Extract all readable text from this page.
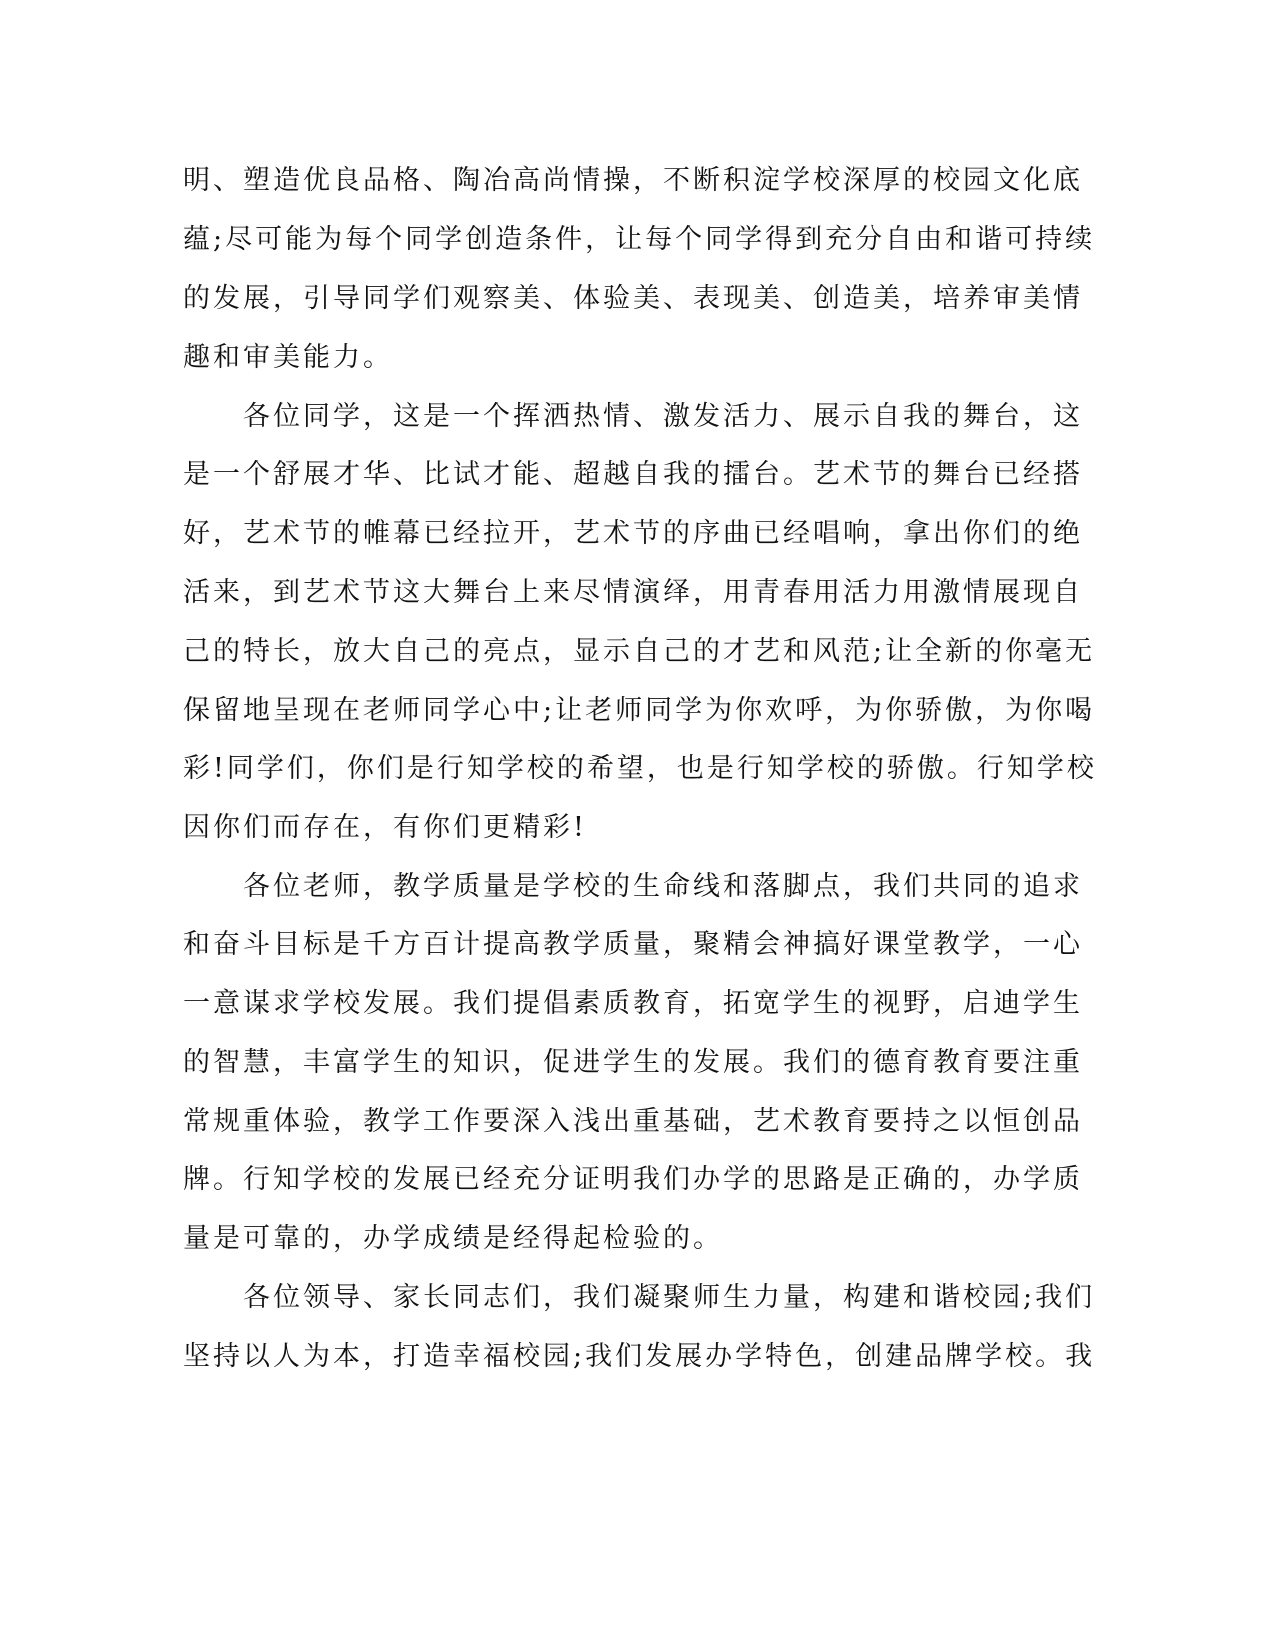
明、塑造优良品格、陶冶高尚情操，不断积淀学校深厚的校园文化底
蕴;尽可能为每个同学创造条件，让每个同学得到充分自由和谐可持续
的发展，引导同学们观察美、体验美、表现美、创造美，培养审美情
趣和审美能力。
　　各位同学，这是一个挥洒热情、激发活力、展示自我的舞台，这
是一个舒展才华、比试才能、超越自我的擂台。艺术节的舞台已经搭
好，艺术节的帷幕已经拉开，艺术节的序曲已经唱响，拿出你们的绝
活来，到艺术节这大舞台上来尽情演绎，用青春用活力用激情展现自
己的特长，放大自己的亮点，显示自己的才艺和风范;让全新的你毫无
保留地呈现在老师同学心中;让老师同学为你欢呼，为你骄傲，为你喝
彩!同学们，你们是行知学校的希望，也是行知学校的骄傲。行知学校
因你们而存在，有你们更精彩!
　　各位老师，教学质量是学校的生命线和落脚点，我们共同的追求
和奋斗目标是千方百计提高教学质量，聚精会神搞好课堂教学，一心
一意谋求学校发展。我们提倡素质教育，拓宽学生的视野，启迪学生
的智慧，丰富学生的知识，促进学生的发展。我们的德育教育要注重
常规重体验，教学工作要深入浅出重基础，艺术教育要持之以恒创品
牌。行知学校的发展已经充分证明我们办学的思路是正确的，办学质
量是可靠的，办学成绩是经得起检验的。
　　各位领导、家长同志们，我们凝聚师生力量，构建和谐校园;我们
坚持以人为本，打造幸福校园;我们发展办学特色，创建品牌学校。我
